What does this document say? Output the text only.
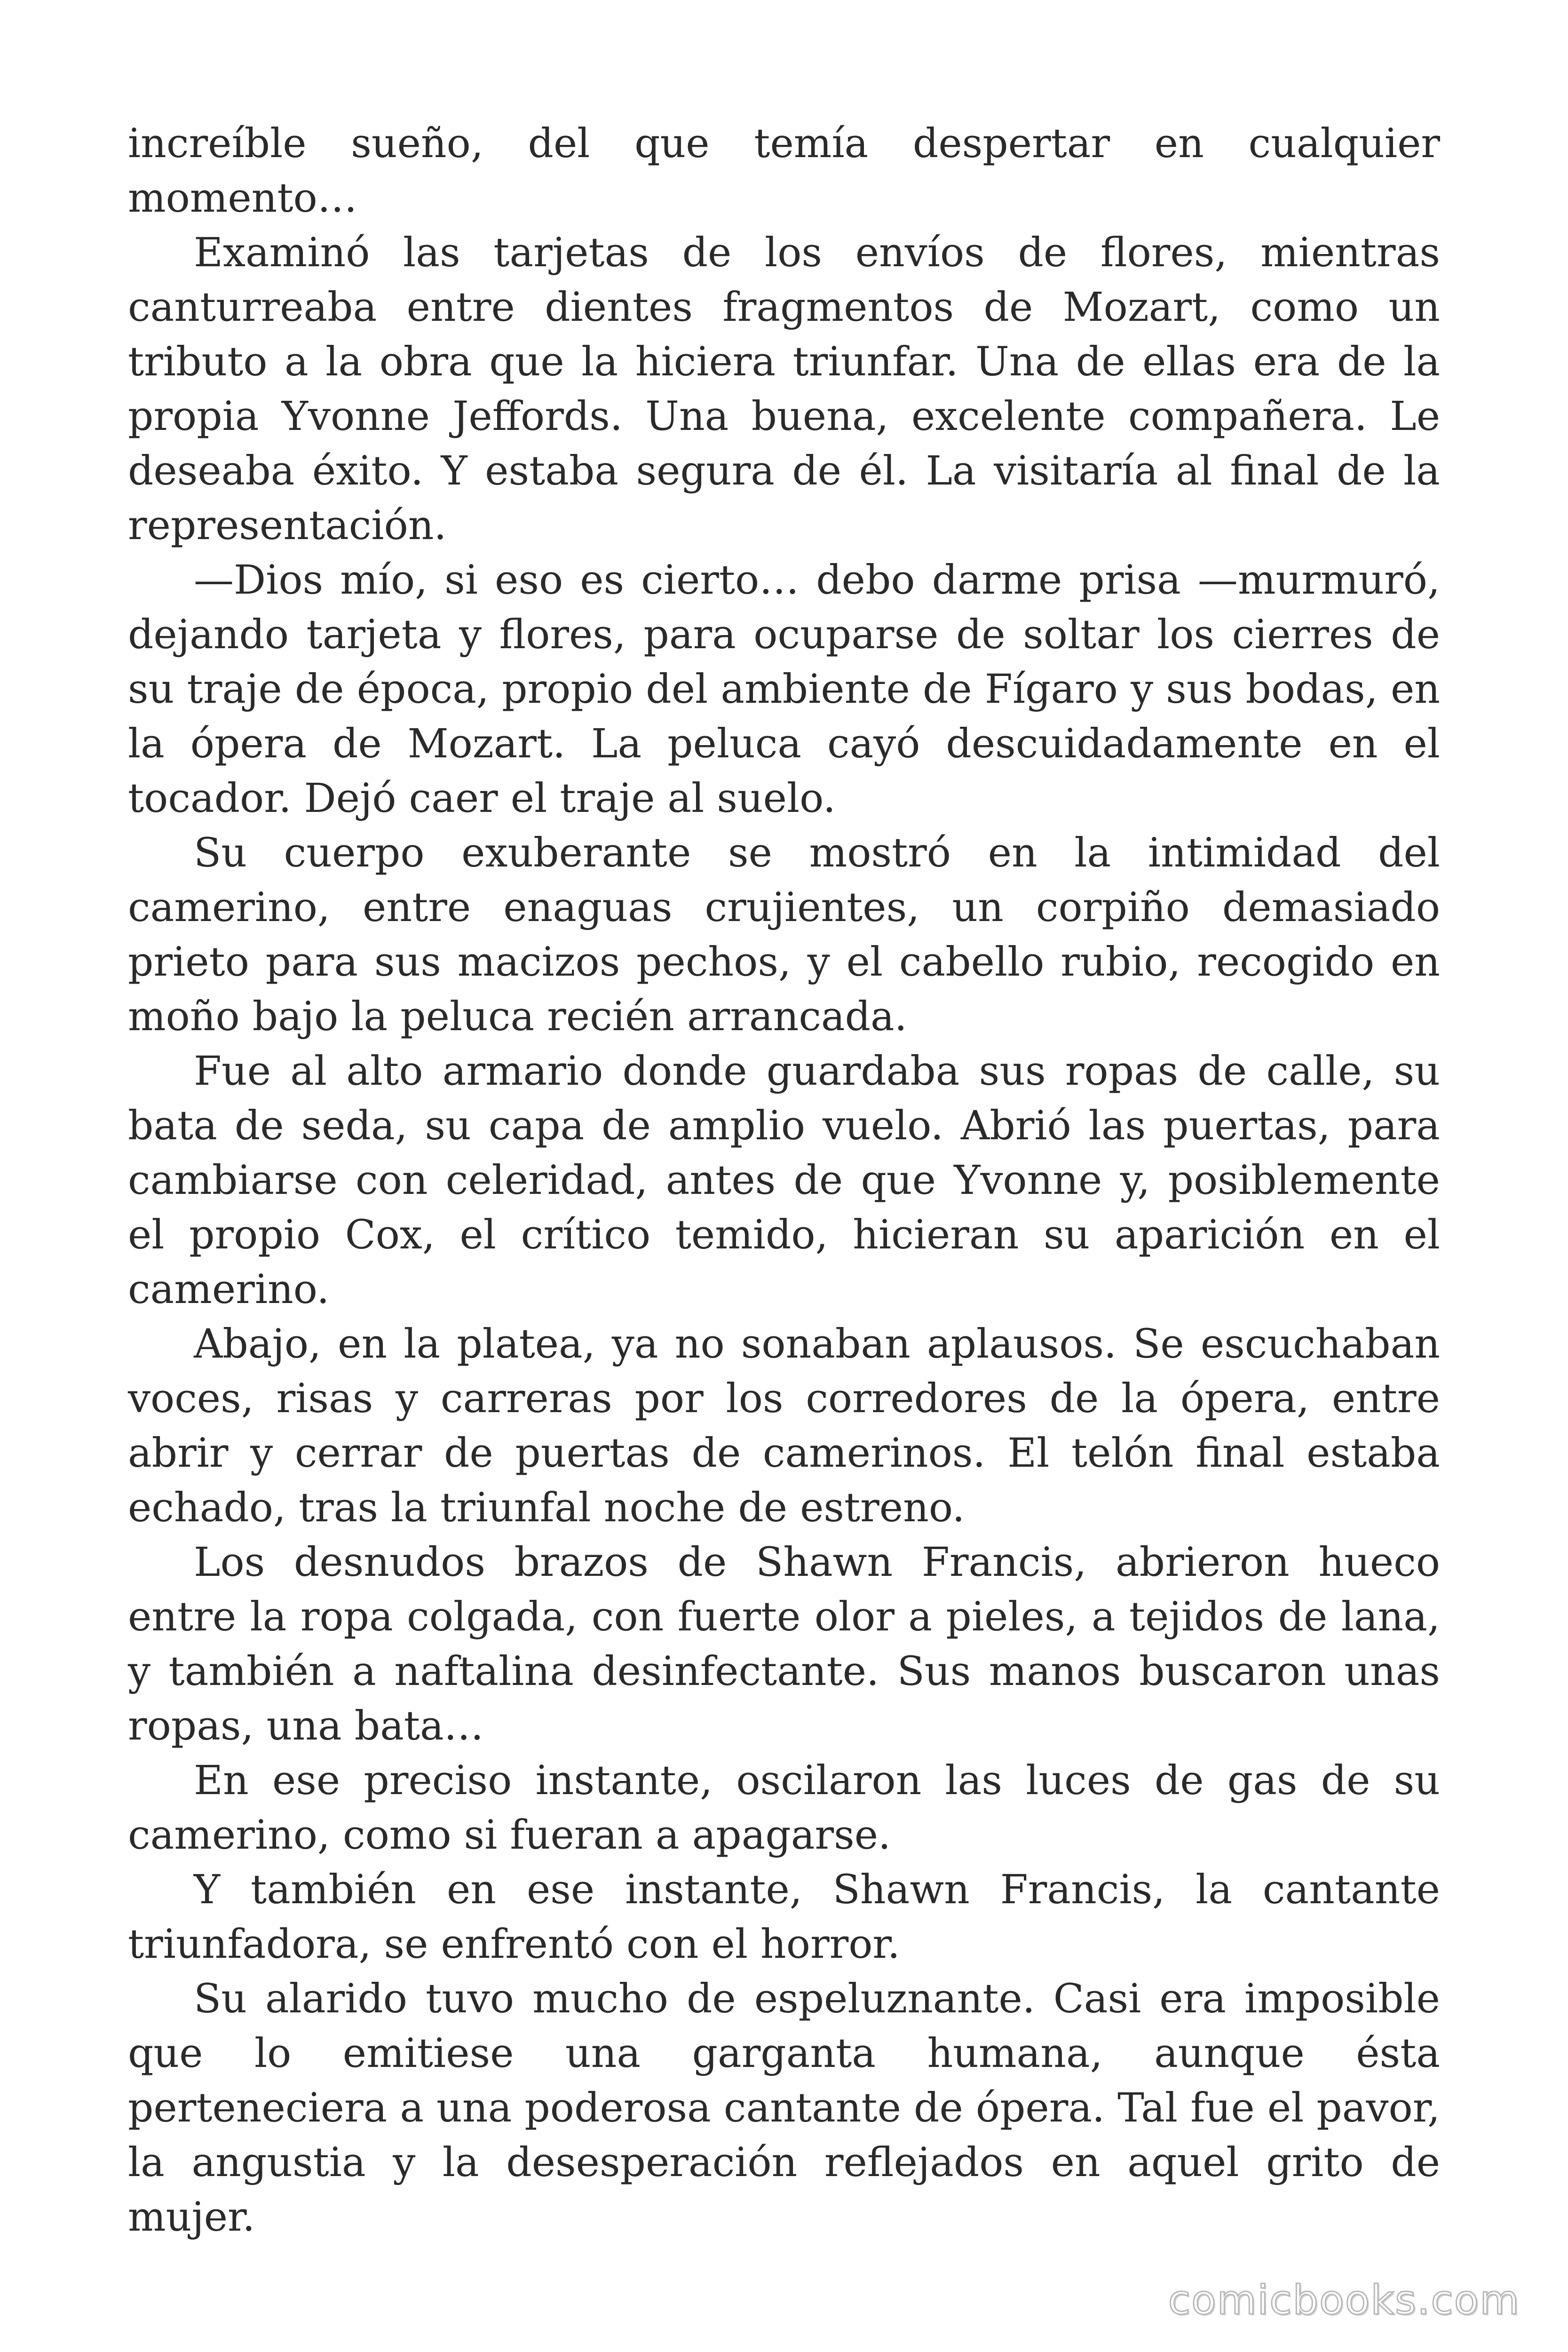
increíble sueño, del que temía despertar en cualquier momento…

Examinó las tarjetas de los envíos de flores, mientras canturreaba entre dientes fragmentos de Mozart, como un tributo a la obra que la hiciera triunfar. Una de ellas era de la propia Yvonne Jeffords. Una buena, excelente compañera. Le deseaba éxito. Y estaba segura de él. La visitaría al final de la representación.

—Dios mío, si eso es cierto… debo darme prisa —murmuró, dejando tarjeta y flores, para ocuparse de soltar los cierres de su traje de época, propio del ambiente de Fígaro y sus bodas, en la ópera de Mozart. La peluca cayó descuidadamente en el tocador. Dejó caer el traje al suelo.

Su cuerpo exuberante se mostró en la intimidad del camerino, entre enaguas crujientes, un corpiño demasiado prieto para sus macizos pechos, y el cabello rubio, recogido en moño bajo la peluca recién arrancada.

Fue al alto armario donde guardaba sus ropas de calle, su bata de seda, su capa de amplio vuelo. Abrió las puertas, para cambiarse con celeridad, antes de que Yvonne y, posiblemente el propio Cox, el crítico temido, hicieran su aparición en el camerino.

Abajo, en la platea, ya no sonaban aplausos. Se escuchaban voces, risas y carreras por los corredores de la ópera, entre abrir y cerrar de puertas de camerinos. El telón final estaba echado, tras la triunfal noche de estreno.

Los desnudos brazos de Shawn Francis, abrieron hueco entre la ropa colgada, con fuerte olor a pieles, a tejidos de lana, y también a naftalina desinfectante. Sus manos buscaron unas ropas, una bata…

En ese preciso instante, oscilaron las luces de gas de su camerino, como si fueran a apagarse.

Y también en ese instante, Shawn Francis, la cantante triunfadora, se enfrentó con el horror.

Su alarido tuvo mucho de espeluznante. Casi era imposible que lo emitiese una garganta humana, aunque ésta perteneciera a una poderosa cantante de ópera. Tal fue el pavor, la angustia y la desesperación reflejados en aquel grito de mujer.

comicbooks.com
